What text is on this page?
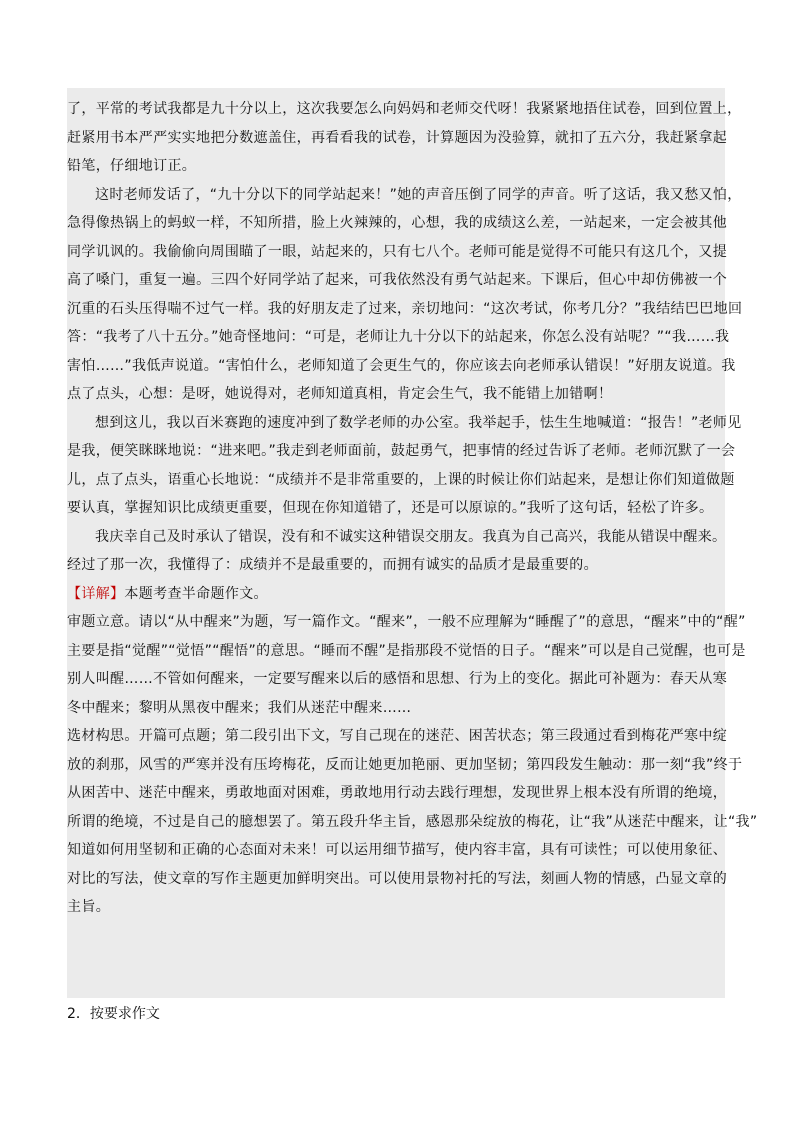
了，平常的考试我都是九十分以上，这次我要怎么向妈妈和老师交代呀！我紧紧地捂住试卷，回到位置上，
赶紧用书本严严实实地把分数遮盖住，再看看我的试卷，计算题因为没验算，就扣了五六分，我赶紧拿起
铅笔，仔细地订正。
这时老师发话了，“九十分以下的同学站起来！”她的声音压倒了同学的声音。听了这话，我又愁又怕，
急得像热锅上的蚂蚁一样，不知所措，脸上火辣辣的，心想，我的成绩这么差，一站起来，一定会被其他
同学讥讽的。我偷偷向周围瞄了一眼，站起来的，只有七八个。老师可能是觉得不可能只有这几个，又提
高了嗓门，重复一遍。三四个好同学站了起来，可我依然没有勇气站起来。下课后，但心中却仿佛被一个
沉重的石头压得喘不过气一样。我的好朋友走了过来，亲切地问：“这次考试，你考几分？”我结结巴巴地回
答：“我考了八十五分。”她奇怪地问：“可是，老师让九十分以下的站起来，你怎么没有站呢？”“我……我
害怕……”我低声说道。“害怕什么，老师知道了会更生气的，你应该去向老师承认错误！”好朋友说道。我
点了点头，心想：是呀，她说得对，老师知道真相，肯定会生气，我不能错上加错啊！
想到这儿，我以百米赛跑的速度冲到了数学老师的办公室。我举起手，怯生生地喊道：“报告！”老师见
是我，便笑眯眯地说：“进来吧。”我走到老师面前，鼓起勇气，把事情的经过告诉了老师。老师沉默了一会
儿，点了点头，语重心长地说：“成绩并不是非常重要的，上课的时候让你们站起来，是想让你们知道做题
要认真，掌握知识比成绩更重要，但现在你知道错了，还是可以原谅的。”我听了这句话，轻松了许多。
我庆幸自己及时承认了错误，没有和不诚实这种错误交朋友。我真为自己高兴，我能从错误中醒来。
经过了那一次，我懂得了：成绩并不是最重要的，而拥有诚实的品质才是最重要的。
【详解】本题考查半命题作文。
审题立意。请以“从中醒来”为题，写一篇作文。“醒来”，一般不应理解为“睡醒了”的意思，“醒来”中的“醒”
主要是指“觉醒”“觉悟”“醒悟”的意思。“睡而不醒”是指那段不觉悟的日子。“醒来”可以是自己觉醒，也可是
别人叫醒……不管如何醒来，一定要写醒来以后的感悟和思想、行为上的变化。据此可补题为：春天从寒
冬中醒来；黎明从黑夜中醒来；我们从迷茫中醒来……
选材构思。开篇可点题；第二段引出下文，写自己现在的迷茫、困苦状态；第三段通过看到梅花严寒中绽
放的刹那，风雪的严寒并没有压垮梅花，反而让她更加艳丽、更加坚韧；第四段发生触动：那一刻“我”终于
从困苦中、迷茫中醒来，勇敢地面对困难，勇敢地用行动去践行理想，发现世界上根本没有所谓的绝境，
所谓的绝境，不过是自己的臆想罢了。第五段升华主旨，感恩那朵绽放的梅花，让“我”从迷茫中醒来，让“我”
知道如何用坚韧和正确的心态面对未来！可以运用细节描写，使内容丰富，具有可读性；可以使用象征、
对比的写法，使文章的写作主题更加鲜明突出。可以使用景物衬托的写法，刻画人物的情感，凸显文章的
主旨。
2．按要求作文
